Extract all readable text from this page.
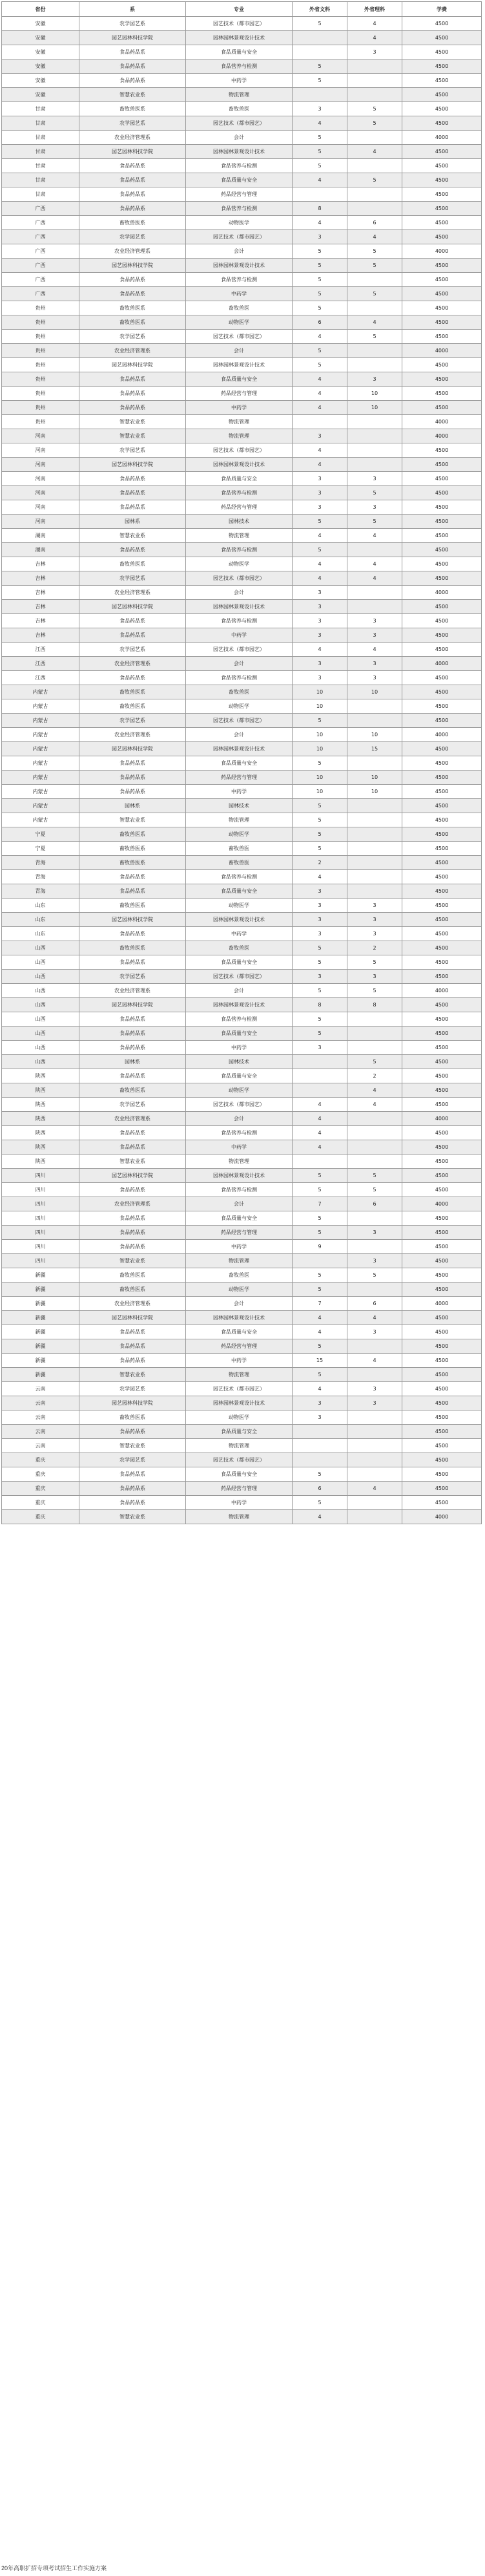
省份	系	专业	外省文科	外省理科	学费
安徽	农学园艺系	园艺技术（都市园艺）	5	4	4500
安徽	园艺园林科技学院	园林园林景观设计技术		4	4500
安徽	食品药品系	食品质量与安全		3	4500
安徽	食品药品系	食品营养与检测	5		4500
安徽	食品药品系	中药学	5		4500
安徽	智慧农业系	物流管理			4500
甘肃	畜牧兽医系	畜牧兽医	3	5	4500
甘肃	农学园艺系	园艺技术（都市园艺）	4	5	4500
甘肃	农业经济管理系	会计	5		4000
甘肃	园艺园林科技学院	园林园林景观设计技术	5	4	4500
甘肃	食品药品系	食品营养与检测	5		4500
甘肃	食品药品系	食品质量与安全	4	5	4500
甘肃	食品药品系	药品经营与管理			4500
广西	食品药品系	食品营养与检测	8		4500
广西	畜牧兽医系	动物医学	4	6	4500
广西	农学园艺系	园艺技术（都市园艺）	3	4	4500
广西	农业经济管理系	会计	5	5	4000
广西	园艺园林科技学院	园林园林景观设计技术	5	5	4500
广西	食品药品系	食品营养与检测	5		4500
广西	食品药品系	中药学	5	5	4500
贵州	畜牧兽医系	畜牧兽医	5		4500
贵州	畜牧兽医系	动物医学	6	4	4500
贵州	农学园艺系	园艺技术（都市园艺）	4	5	4500
贵州	农业经济管理系	会计	5		4000
贵州	园艺园林科技学院	园林园林景观设计技术	5		4500
贵州	食品药品系	食品质量与安全	4	3	4500
贵州	食品药品系	药品经营与管理	4	10	4500
贵州	食品药品系	中药学	4	10	4500
贵州	智慧农业系	物流管理			4000
河南	智慧农业系	物流管理	3		4000
河南	农学园艺系	园艺技术（都市园艺）	4		4500
河南	园艺园林科技学院	园林园林景观设计技术	4		4500
河南	食品药品系	食品质量与安全	3	3	4500
河南	食品药品系	食品营养与检测	3	5	4500
河南	食品药品系	药品经营与管理	3	3	4500
河南	园林系	园林技术	5	5	4500
湖南	智慧农业系	物流管理	4	4	4500
湖南	食品药品系	食品营养与检测	5		4500
吉林	畜牧兽医系	动物医学	4	4	4500
吉林	农学园艺系	园艺技术（都市园艺）	4	4	4500
吉林	农业经济管理系	会计	3		4000
吉林	园艺园林科技学院	园林园林景观设计技术	3		4500
吉林	食品药品系	食品营养与检测	3	3	4500
吉林	食品药品系	中药学	3	3	4500
江西	农学园艺系	园艺技术（都市园艺）	4	4	4500
江西	农业经济管理系	会计	3	3	4000
江西	食品药品系	食品营养与检测	3	3	4500
内蒙古	畜牧兽医系	畜牧兽医	10	10	4500
内蒙古	畜牧兽医系	动物医学	10		4500
内蒙古	农学园艺系	园艺技术（都市园艺）	5		4500
内蒙古	农业经济管理系	会计	10	10	4000
内蒙古	园艺园林科技学院	园林园林景观设计技术	10	15	4500
内蒙古	食品药品系	食品质量与安全	5		4500
内蒙古	食品药品系	药品经营与管理	10	10	4500
内蒙古	食品药品系	中药学	10	10	4500
内蒙古	园林系	园林技术	5		4500
内蒙古	智慧农业系	物流管理	5		4500
宁夏	畜牧兽医系	动物医学	5		4500
宁夏	畜牧兽医系	畜牧兽医	5		4500
青海	畜牧兽医系	畜牧兽医	2		4500
青海	食品药品系	食品营养与检测	4		4500
青海	食品药品系	食品质量与安全	3		4500
山东	畜牧兽医系	动物医学	3	3	4500
山东	园艺园林科技学院	园林园林景观设计技术	3	3	4500
山东	食品药品系	中药学	3	3	4500
山西	畜牧兽医系	畜牧兽医	5	2	4500
山西	食品药品系	食品质量与安全	5	5	4500
山西	农学园艺系	园艺技术（都市园艺）	3	3	4500
山西	农业经济管理系	会计	5	5	4000
山西	园艺园林科技学院	园林园林景观设计技术	8	8	4500
山西	食品药品系	食品营养与检测	5		4500
山西	食品药品系	食品质量与安全	5		4500
山西	食品药品系	中药学	3		4500
山西	园林系	园林技术		5	4500
陕西	食品药品系	食品质量与安全		2	4500
陕西	畜牧兽医系	动物医学		4	4500
陕西	农学园艺系	园艺技术（都市园艺）	4	4	4500
陕西	农业经济管理系	会计	4		4000
陕西	食品药品系	食品营养与检测	4		4500
陕西	食品药品系	中药学	4		4500
陕西	智慧农业系	物流管理			4500
四川	园艺园林科技学院	园林园林景观设计技术	5	5	4500
四川	食品药品系	食品营养与检测	5	5	4500
四川	农业经济管理系	会计	7	6	4000
四川	食品药品系	食品质量与安全	5		4500
四川	食品药品系	药品经营与管理	5	3	4500
四川	食品药品系	中药学	9		4500
四川	智慧农业系	物流管理		3	4500
新疆	畜牧兽医系	畜牧兽医	5	5	4500
新疆	畜牧兽医系	动物医学	5		4500
新疆	农业经济管理系	会计	7	6	4000
新疆	园艺园林科技学院	园林园林景观设计技术	4	4	4500
新疆	食品药品系	食品质量与安全	4	3	4500
新疆	食品药品系	药品经营与管理	5		4500
新疆	食品药品系	中药学	15	4	4500
新疆	智慧农业系	物流管理	5		4500
云南	农学园艺系	园艺技术（都市园艺）	4	3	4500
云南	园艺园林科技学院	园林园林景观设计技术	3	3	4500
云南	畜牧兽医系	动物医学	3		4500
云南	食品药品系	食品质量与安全			4500
云南	智慧农业系	物流管理			4500
重庆	农学园艺系	园艺技术（都市园艺）			4500
重庆	食品药品系	食品质量与安全	5		4500
重庆	食品药品系	药品经营与管理	6	4	4500
重庆	食品药品系	中药学	5		4500
重庆	智慧农业系	物流管理	4		4000
20年高职扩招专项考试招生工作实施方案
